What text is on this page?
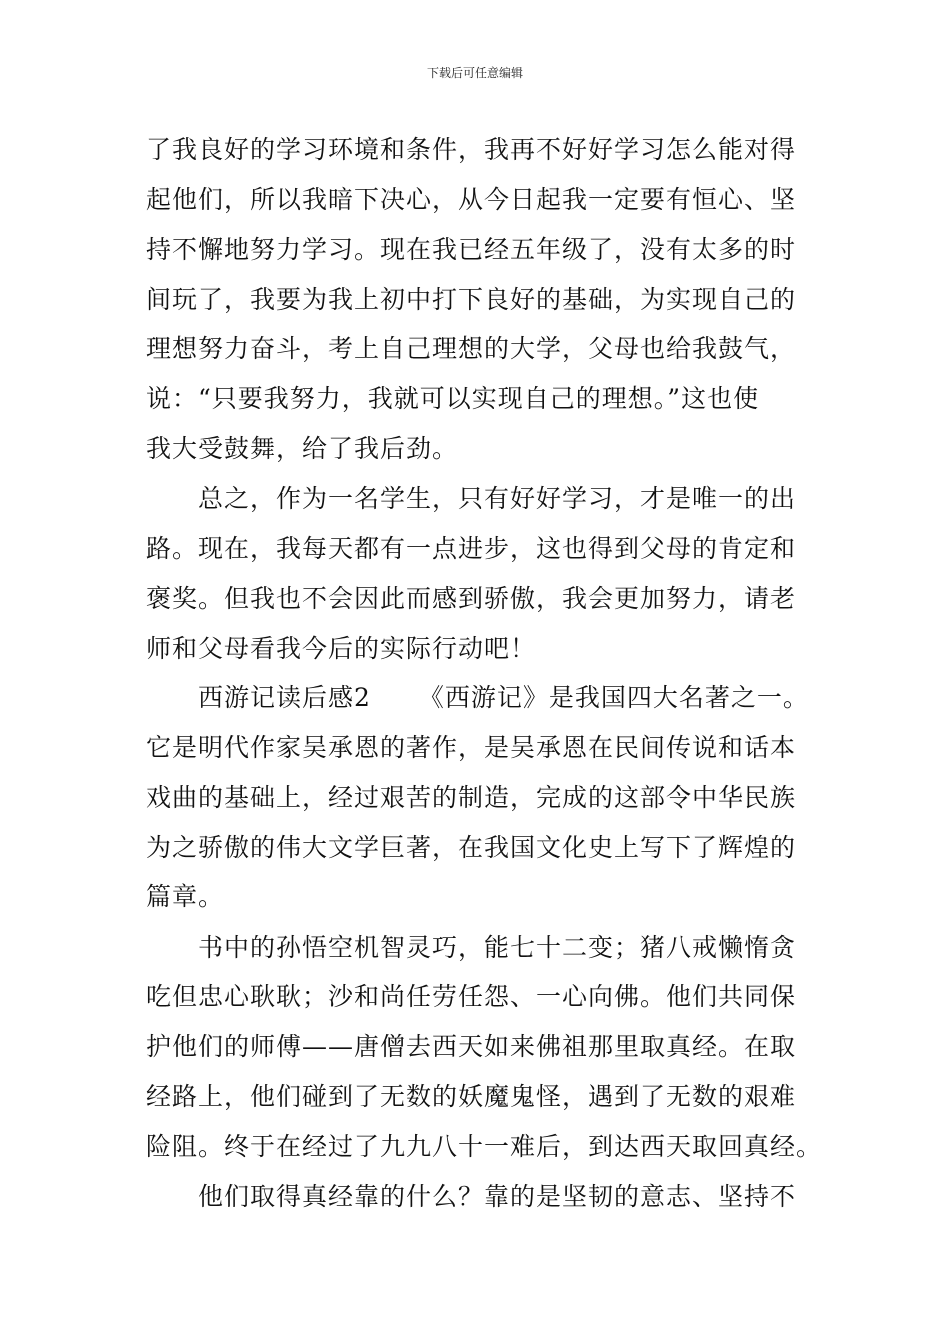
下载后可任意编辑
了我良好的学习环境和条件，我再不好好学习怎么能对得
起他们，所以我暗下决心，从今日起我一定要有恒心、坚
持不懈地努力学习。现在我已经五年级了，没有太多的时
间玩了，我要为我上初中打下良好的基础，为实现自己的
理想努力奋斗，考上自己理想的大学，父母也给我鼓气，
说：“只要我努力，我就可以实现自己的理想。”这也使
我大受鼓舞，给了我后劲。
总之，作为一名学生，只有好好学习，才是唯一的出
路。现在，我每天都有一点进步，这也得到父母的肯定和
褒奖。但我也不会因此而感到骄傲，我会更加努力，请老
师和父母看我今后的实际行动吧！
西游记读后感2 《西游记》是我国四大名著之一。
它是明代作家吴承恩的著作，是吴承恩在民间传说和话本
戏曲的基础上，经过艰苦的制造，完成的这部令中华民族
为之骄傲的伟大文学巨著，在我国文化史上写下了辉煌的
篇章。
书中的孙悟空机智灵巧，能七十二变；猪八戒懒惰贪
吃但忠心耿耿；沙和尚任劳任怨、一心向佛。他们共同保
护他们的师傅——唐僧去西天如来佛祖那里取真经。在取
经路上，他们碰到了无数的妖魔鬼怪，遇到了无数的艰难
险阻。终于在经过了九九八十一难后，到达西天取回真经。
他们取得真经靠的什么？靠的是坚韧的意志、坚持不
